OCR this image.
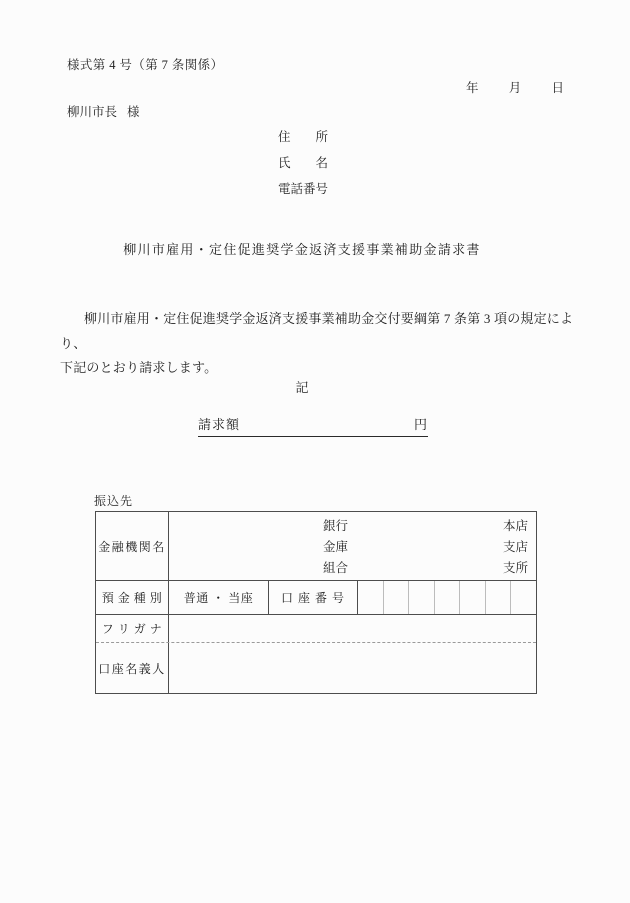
様式第 4 号（第 7 条関係）
年 月 日
柳川市長 様
住　　所
氏　　名
電話番号
柳川市雇用・定住促進奨学金返済支援事業補助金請求書
柳川市雇用・定住促進奨学金返済支援事業補助金交付要綱第 7 条第 3 項の規定により、
下記のとおり請求します。
記
請求額	円
振込先
金融機関名
銀行	本店
金庫	支店
組合	支所
預 金 種 別	普通 ・ 当座	口 座 番 号
フ リ ガ ナ
口座名義人
